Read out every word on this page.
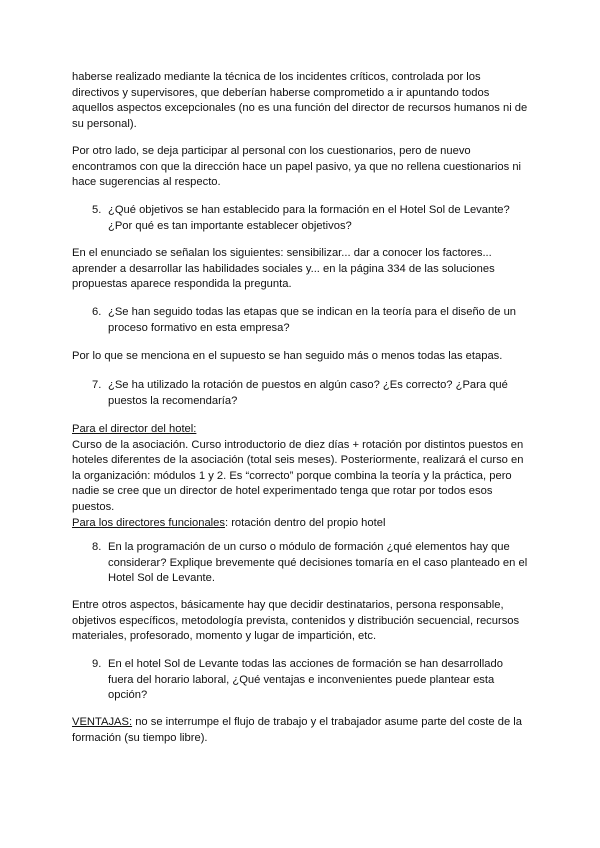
haberse realizado mediante la técnica de los incidentes críticos, controlada por los directivos y supervisores, que deberían haberse comprometido a ir apuntando todos aquellos aspectos excepcionales (no es una función del director de recursos humanos ni de su personal).

Por otro lado, se deja participar al personal con los cuestionarios, pero de nuevo encontramos con que la dirección hace un papel pasivo, ya que no rellena cuestionarios ni hace sugerencias al respecto.

5. ¿Qué objetivos se han establecido para la formación en el Hotel Sol de Levante? ¿Por qué es tan importante establecer objetivos?

En el enunciado se señalan los siguientes: sensibilizar... dar a conocer los factores... aprender a desarrollar las habilidades sociales y... en la página 334 de las soluciones propuestas aparece respondida la pregunta.

6. ¿Se han seguido todas las etapas que se indican en la teoría para el diseño de un proceso formativo en esta empresa?

Por lo que se menciona en el supuesto se han seguido más o menos todas las etapas.

7. ¿Se ha utilizado la rotación de puestos en algún caso? ¿Es correcto? ¿Para qué puestos la recomendaría?
Para el director del hotel:
Curso de la asociación. Curso introductorio de diez días + rotación por distintos puestos en hoteles diferentes de la asociación (total seis meses). Posteriormente, realizará el curso en la organización: módulos 1 y 2. Es “correcto” porque combina la teoría y la práctica, pero nadie se cree que un director de hotel experimentado tenga que rotar por todos esos puestos.
Para los directores funcionales: rotación dentro del propio hotel
8. En la programación de un curso o módulo de formación ¿qué elementos hay que considerar? Explique brevemente qué decisiones tomaría en el caso planteado en el Hotel Sol de Levante.

Entre otros aspectos, básicamente hay que decidir destinatarios, persona responsable, objetivos específicos, metodología prevista, contenidos y distribución secuencial, recursos materiales, profesorado, momento y lugar de impartición, etc.

9. En el hotel Sol de Levante todas las acciones de formación se han desarrollado fuera del horario laboral, ¿Qué ventajas e inconvenientes puede plantear esta opción?

VENTAJAS: no se interrumpe el flujo de trabajo y el trabajador asume parte del coste de la formación (su tiempo libre).
